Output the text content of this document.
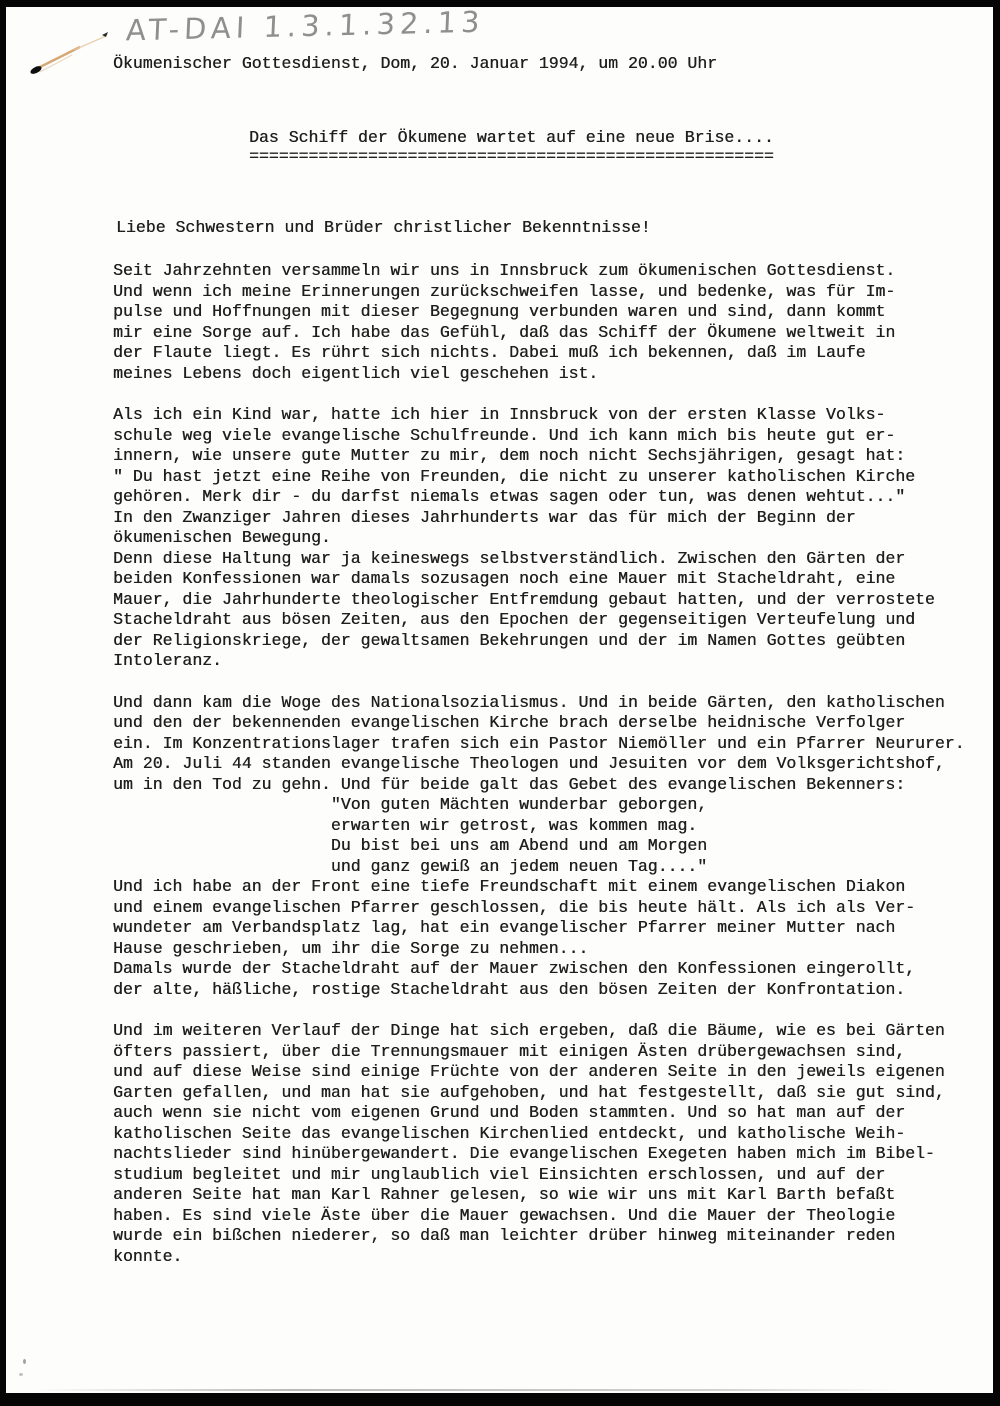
AT-DAI 1.3.1.32.13
Ökumenischer Gottesdienst, Dom, 20. Januar 1994, um 20.00 Uhr
Das Schiff der Ökumene wartet auf eine neue Brise....
=====================================================
Liebe Schwestern und Brüder christlicher Bekenntnisse!
Seit Jahrzehnten versammeln wir uns in Innsbruck zum ökumenischen Gottesdienst.
Und wenn ich meine Erinnerungen zurückschweifen lasse, und bedenke, was für Im-
pulse und Hoffnungen mit dieser Begegnung verbunden waren und sind, dann kommt
mir eine Sorge auf. Ich habe das Gefühl, daß das Schiff der Ökumene weltweit in
der Flaute liegt. Es rührt sich nichts. Dabei muß ich bekennen, daß im Laufe
meines Lebens doch eigentlich viel geschehen ist.
Als ich ein Kind war, hatte ich hier in Innsbruck von der ersten Klasse Volks-
schule weg viele evangelische Schulfreunde. Und ich kann mich bis heute gut er-
innern, wie unsere gute Mutter zu mir, dem noch nicht Sechsjährigen, gesagt hat:
" Du hast jetzt eine Reihe von Freunden, die nicht zu unserer katholischen Kirche
gehören. Merk dir - du darfst niemals etwas sagen oder tun, was denen wehtut..."
In den Zwanziger Jahren dieses Jahrhunderts war das für mich der Beginn der
ökumenischen Bewegung.
Denn diese Haltung war ja keineswegs selbstverständlich. Zwischen den Gärten der
beiden Konfessionen war damals sozusagen noch eine Mauer mit Stacheldraht, eine
Mauer, die Jahrhunderte theologischer Entfremdung gebaut hatten, und der verrostete
Stacheldraht aus bösen Zeiten, aus den Epochen der gegenseitigen Verteufelung und
der Religionskriege, der gewaltsamen Bekehrungen und der im Namen Gottes geübten
Intoleranz.
Und dann kam die Woge des Nationalsozialismus. Und in beide Gärten, den katholischen
und den der bekennenden evangelischen Kirche brach derselbe heidnische Verfolger
ein. Im Konzentrationslager trafen sich ein Pastor Niemöller und ein Pfarrer Neururer.
Am 20. Juli 44 standen evangelische Theologen und Jesuiten vor dem Volksgerichtshof,
um in den Tod zu gehn. Und für beide galt das Gebet des evangelischen Bekenners:
"Von guten Mächten wunderbar geborgen,
erwarten wir getrost, was kommen mag.
Du bist bei uns am Abend und am Morgen
und ganz gewiß an jedem neuen Tag...."
Und ich habe an der Front eine tiefe Freundschaft mit einem evangelischen Diakon
und einem evangelischen Pfarrer geschlossen, die bis heute hält. Als ich als Ver-
wundeter am Verbandsplatz lag, hat ein evangelischer Pfarrer meiner Mutter nach
Hause geschrieben, um ihr die Sorge zu nehmen...
Damals wurde der Stacheldraht auf der Mauer zwischen den Konfessionen eingerollt,
der alte, häßliche, rostige Stacheldraht aus den bösen Zeiten der Konfrontation.
Und im weiteren Verlauf der Dinge hat sich ergeben, daß die Bäume, wie es bei Gärten
öfters passiert, über die Trennungsmauer mit einigen Ästen drübergewachsen sind,
und auf diese Weise sind einige Früchte von der anderen Seite in den jeweils eigenen
Garten gefallen, und man hat sie aufgehoben, und hat festgestellt, daß sie gut sind,
auch wenn sie nicht vom eigenen Grund und Boden stammten. Und so hat man auf der
katholischen Seite das evangelischen Kirchenlied entdeckt, und katholische Weih-
nachtslieder sind hinübergewandert. Die evangelischen Exegeten haben mich im Bibel-
studium begleitet und mir unglaublich viel Einsichten erschlossen, und auf der
anderen Seite hat man Karl Rahner gelesen, so wie wir uns mit Karl Barth befaßt
haben. Es sind viele Äste über die Mauer gewachsen. Und die Mauer der Theologie
wurde ein bißchen niederer, so daß man leichter drüber hinweg miteinander reden
konnte.
